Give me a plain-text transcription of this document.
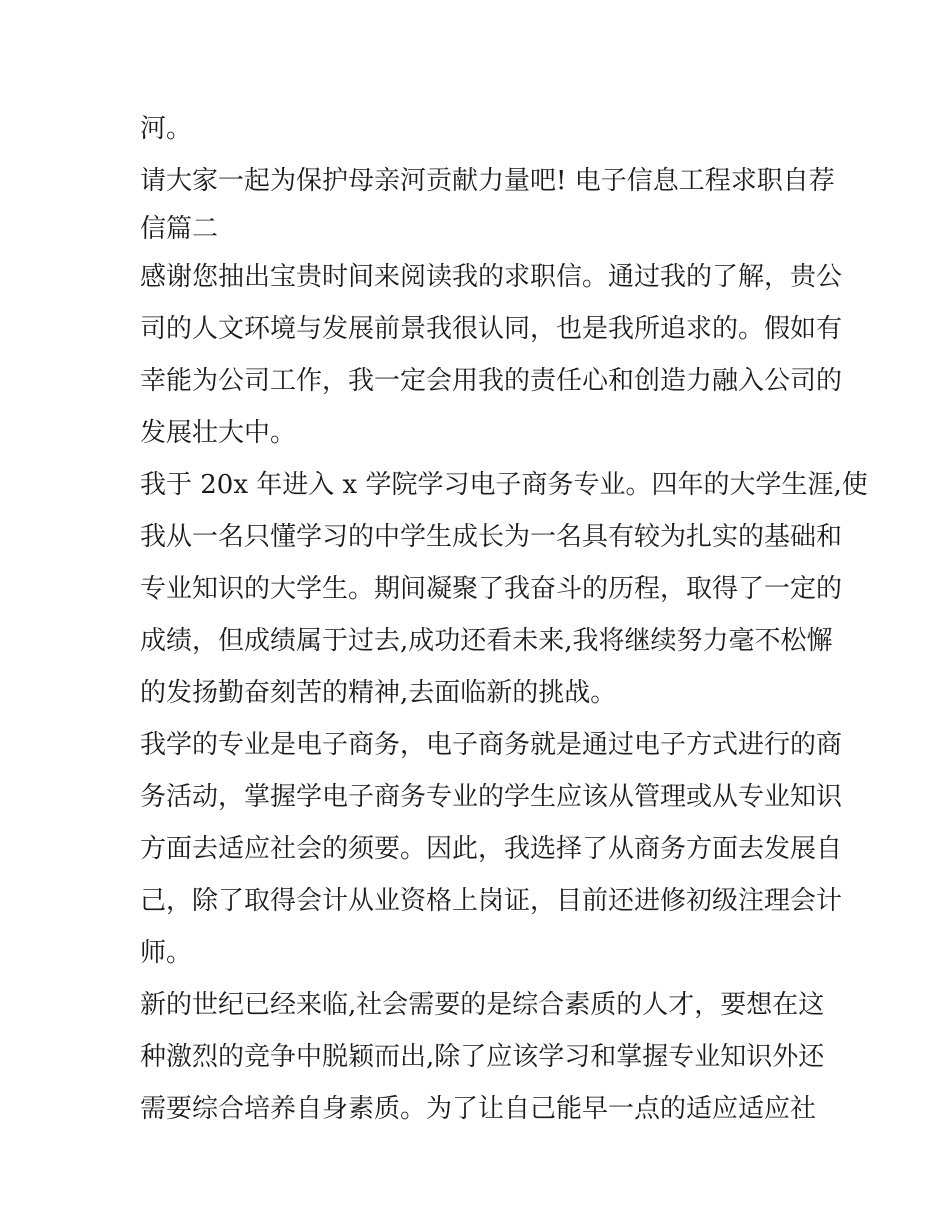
河。
请大家一起为保护母亲河贡献力量吧! 电子信息工程求职自荐
信篇二
感谢您抽出宝贵时间来阅读我的求职信。通过我的了解，贵公
司的人文环境与发展前景我很认同，也是我所追求的。假如有
幸能为公司工作，我一定会用我的责任心和创造力融入公司的
发展壮大中。
我于 20x 年进入 x 学院学习电子商务专业。四年的大学生涯,使
我从一名只懂学习的中学生成长为一名具有较为扎实的基础和
专业知识的大学生。期间凝聚了我奋斗的历程，取得了一定的
成绩，但成绩属于过去,成功还看未来,我将继续努力毫不松懈
的发扬勤奋刻苦的精神,去面临新的挑战。
我学的专业是电子商务，电子商务就是通过电子方式进行的商
务活动，掌握学电子商务专业的学生应该从管理或从专业知识
方面去适应社会的须要。因此，我选择了从商务方面去发展自
己，除了取得会计从业资格上岗证，目前还进修初级注理会计
师。
新的世纪已经来临,社会需要的是综合素质的人才，要想在这
种激烈的竞争中脱颖而出,除了应该学习和掌握专业知识外还
需要综合培养自身素质。为了让自己能早一点的适应适应社
